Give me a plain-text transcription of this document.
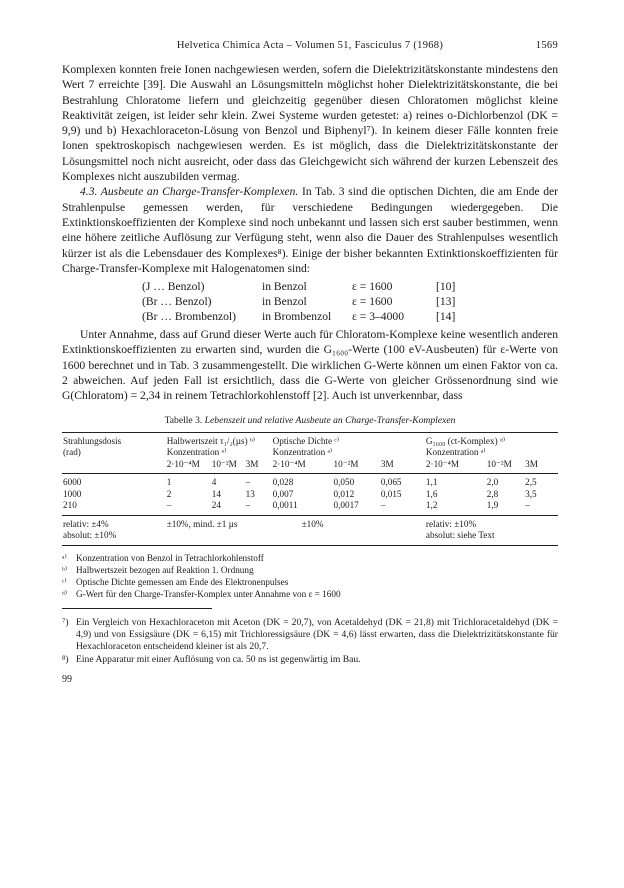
Helvetica Chimica Acta – Volumen 51, Fasciculus 7 (1968)	1569

Komplexen konnten freie Ionen nachgewiesen werden, sofern die Dielektrizitätskonstante mindestens den Wert 7 erreichte [39]. Die Auswahl an Lösungsmitteln möglichst hoher Dielektrizitätskonstante, die bei Bestrahlung Chloratome liefern und gleichzeitig gegenüber diesen Chloratomen möglichst kleine Reaktivität zeigen, ist leider sehr klein. Zwei Systeme wurden getestet: a) reines o-Dichlorbenzol (DK = 9,9) und b) Hexachloraceton-Lösung von Benzol und Biphenyl⁷). In keinem dieser Fälle konnten freie Ionen spektroskopisch nachgewiesen werden. Es ist möglich, dass die Dielektrizitätskonstante der Lösungsmittel noch nicht ausreicht, oder dass das Gleichgewicht sich während der kurzen Lebenszeit des Komplexes nicht auszubilden vermag.

4.3. Ausbeute an Charge-Transfer-Komplexen. In Tab. 3 sind die optischen Dichten, die am Ende der Strahlenpulse gemessen werden, für verschiedene Bedingungen wiedergegeben. Die Extinktionskoeffizienten der Komplexe sind noch unbekannt und lassen sich erst sauber bestimmen, wenn eine höhere zeitliche Auflösung zur Verfügung steht, wenn also die Dauer des Strahlenpulses wesentlich kürzer ist als die Lebensdauer des Komplexes⁸). Einige der bisher bekannten Extinktionskoeffizienten für Charge-Transfer-Komplexe mit Halogenatomen sind:

(J … Benzol)	in Benzol	ε = 1600	[10]
(Br … Benzol)	in Benzol	ε = 1600	[13]
(Br … Brombenzol)	in Brombenzol	ε = 3–4000	[14]

Unter Annahme, dass auf Grund dieser Werte auch für Chloratom-Komplexe keine wesentlich anderen Extinktionskoeffizienten zu erwarten sind, wurden die G₁₆₀₀-Werte (100 eV-Ausbeuten) für ε-Werte von 1600 berechnet und in Tab. 3 zusammengestellt. Die wirklichen G-Werte können um einen Faktor von ca. 2 abweichen. Auf jeden Fall ist ersichtlich, dass die G-Werte von gleicher Grössenordnung sind wie G(Chloratom) = 2,34 in reinem Tetrachlorkohlenstoff [2]. Auch ist unverkennbar, dass

Tabelle 3. Lebenszeit und relative Ausbeute an Charge-Transfer-Komplexen
Strahlungsdosis	Halbwertszeit τ₁/₂(µs) ᵇ⁾			Optische Dichte ᶜ⁾			G₁₆₀₀ (ct-Komplex) ᵈ⁾		
(rad)	Konzentration ᵃ⁾			Konzentration ᵃ⁾			Konzentration ᵃ⁾		
	2·10⁻⁴M	10⁻²M	3M	2·10⁻⁴M	10⁻²M	3M	2·10⁻⁴M	10⁻²M	3M

6000	1	4	–	0,028	0,050	0,065	1,1	2,0	2,5
1000	2	14	13	0,007	0,012	0,015	1,6	2,8	3,5
210	–	24	–	0,0011	0,0017	–	1,2	1,9	–

relativ: ±4%	±10%, mind. ±1 µs			±10%			relativ: ±10%		
absolut: ±10%							absolut: siehe Text		
ᵃ⁾	Konzentration von Benzol in Tetrachlorkohlenstoff
ᵇ⁾ Halbwertszeit bezogen auf Reaktion 1. Ordnung
ᶜ⁾	Optische Dichte gemessen am Ende des Elektronenpulses
ᵈ⁾ G-Wert für den Charge-Transfer-Komplex unter Annahme von ε = 1600
⁷) Ein Vergleich von Hexachloraceton mit Aceton (DK = 20,7), von Acetaldehyd (DK = 21,8) mit Trichloracetaldehyd (DK = 4,9) und von Essigsäure (DK = 6,15) mit Trichloressigsäure (DK = 4,6) lässt erwarten, dass die Dielektrizitätskonstante für Hexachloraceton entscheidend kleiner ist als 20,7.
⁸) Eine Apparatur mit einer Auflösung von ca. 50 ns ist gegenwärtig im Bau.
99
